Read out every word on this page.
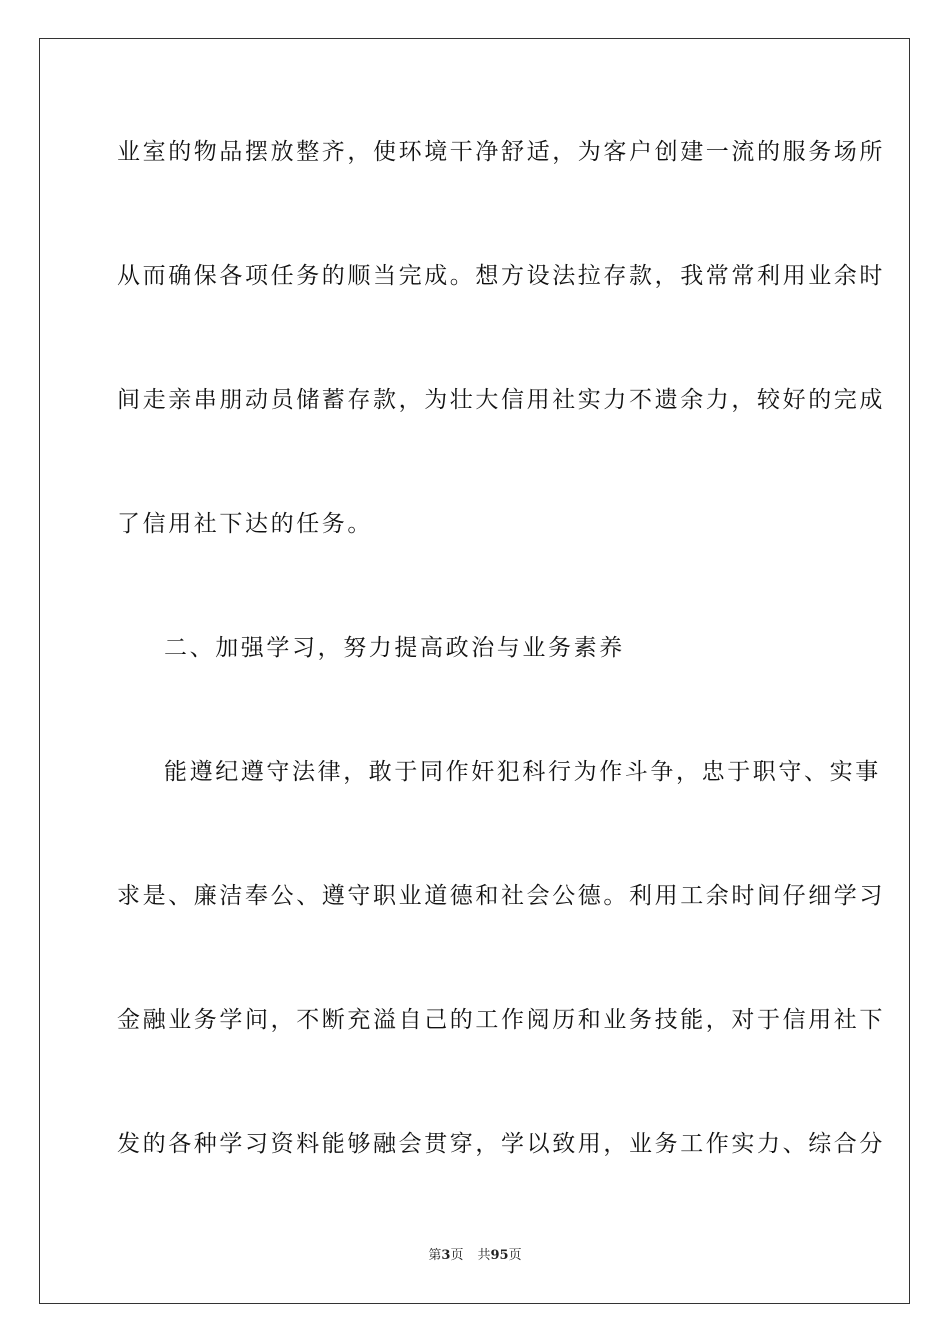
业室的物品摆放整齐，使环境干净舒适，为客户创建一流的服务场所
从而确保各项任务的顺当完成。想方设法拉存款，我常常利用业余时
间走亲串朋动员储蓄存款，为壮大信用社实力不遗余力，较好的完成
了信用社下达的任务。
二、加强学习，努力提高政治与业务素养
能遵纪遵守法律，敢于同作奸犯科行为作斗争，忠于职守、实事
求是、廉洁奉公、遵守职业道德和社会公德。利用工余时间仔细学习
金融业务学问，不断充溢自己的工作阅历和业务技能，对于信用社下
发的各种学习资料能够融会贯穿，学以致用，业务工作实力、综合分
第3页 共95页
